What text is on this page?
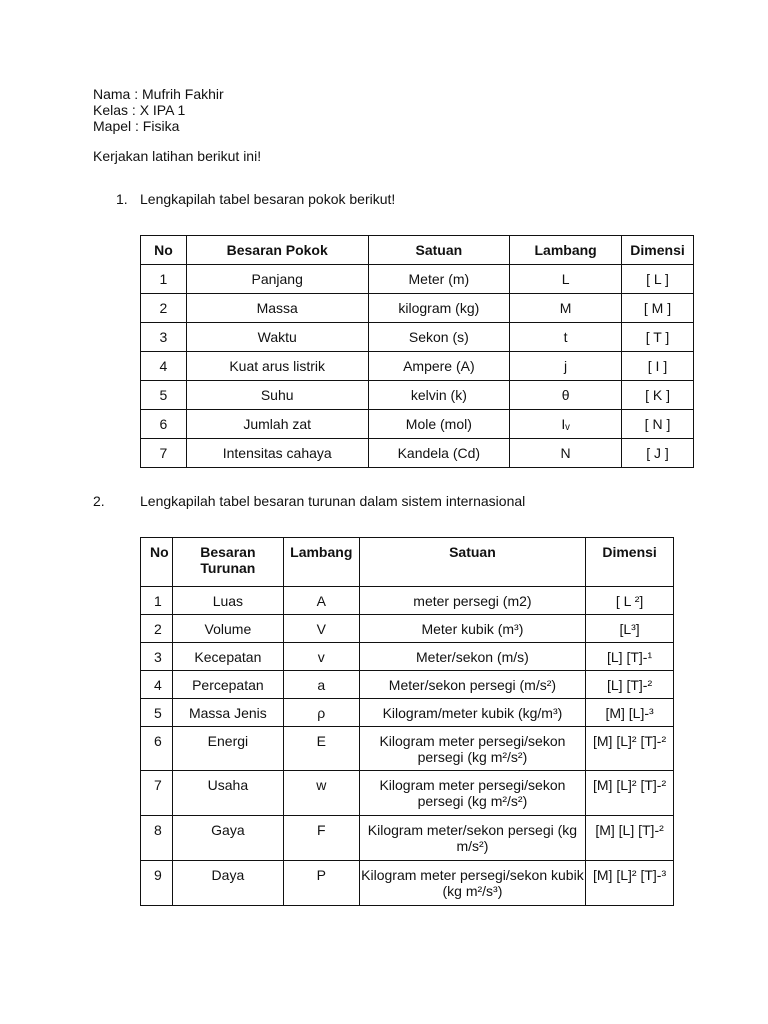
Nama : Mufrih Fakhir
Kelas : X IPA 1
Mapel : Fisika
Kerjakan latihan berikut ini!
1. Lengkapilah tabel besaran pokok berikut!
No	Besaran Pokok	Satuan	Lambang	Dimensi
1	Panjang	Meter (m)	L	[ L ]
2	Massa	kilogram (kg)	M	[ M ]
3	Waktu	Sekon (s)	t	[ T ]
4	Kuat arus listrik	Ampere (A)	j	[ I ]
5	Suhu	kelvin (k)	θ	[ K ]
6	Jumlah zat	Mole (mol)	Iᵥ	[ N ]
7	Intensitas cahaya	Kandela (Cd)	N	[ J ]
2.	Lengkapilah tabel besaran turunan dalam sistem internasional
No	Besaran Turunan	Lambang	Satuan	Dimensi
1	Luas	A	meter persegi (m2)	[ L ²]
2	Volume	V	Meter kubik (m³)	[L³]
3	Kecepatan	v	Meter/sekon (m/s)	[L] [T]-¹
4	Percepatan	a	Meter/sekon persegi (m/s²)	[L] [T]-²
5	Massa Jenis	ρ	Kilogram/meter kubik (kg/m³)	[M] [L]-³
6	Energi	E	Kilogram meter persegi/sekon persegi (kg m²/s²)	[M] [L]² [T]-²
7	Usaha	w	Kilogram meter persegi/sekon persegi (kg m²/s²)	[M] [L]² [T]-²
8	Gaya	F	Kilogram meter/sekon persegi (kg m/s²)	[M] [L] [T]-²
9	Daya	P	Kilogram meter persegi/sekon kubik (kg m²/s³)	[M] [L]² [T]-³
